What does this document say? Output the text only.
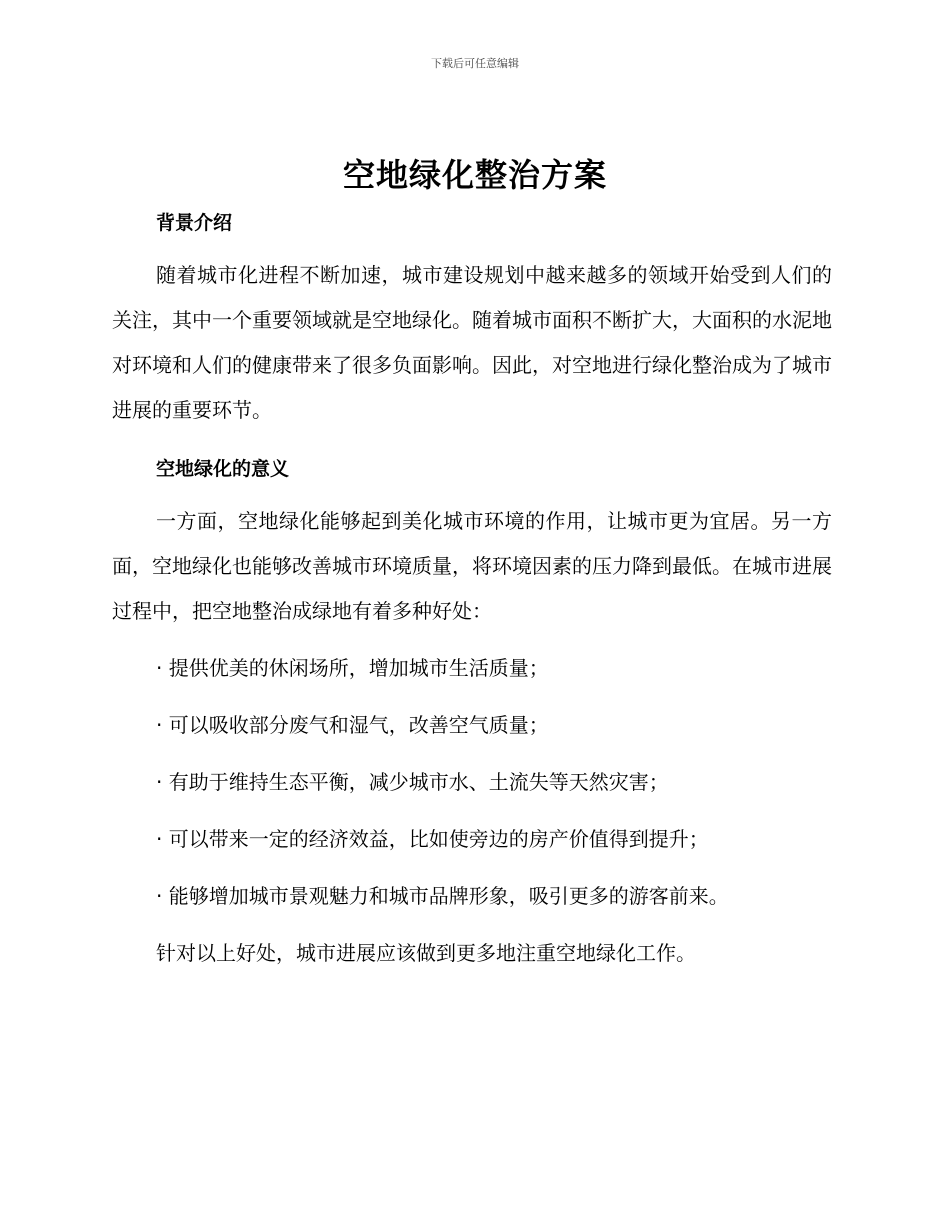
下载后可任意编辑
空地绿化整治方案
背景介绍

随着城市化进程不断加速，城市建设规划中越来越多的领域开始受到人们的关注，其中一个重要领域就是空地绿化。随着城市面积不断扩大，大面积的水泥地对环境和人们的健康带来了很多负面影响。因此，对空地进行绿化整治成为了城市进展的重要环节。

空地绿化的意义

一方面，空地绿化能够起到美化城市环境的作用，让城市更为宜居。另一方面，空地绿化也能够改善城市环境质量，将环境因素的压力降到最低。在城市进展过程中，把空地整治成绿地有着多种好处：

· 提供优美的休闲场所，增加城市生活质量；
· 可以吸收部分废气和湿气，改善空气质量；
· 有助于维持生态平衡，减少城市水、土流失等天然灾害；
· 可以带来一定的经济效益，比如使旁边的房产价值得到提升；
· 能够增加城市景观魅力和城市品牌形象，吸引更多的游客前来。

针对以上好处，城市进展应该做到更多地注重空地绿化工作。
